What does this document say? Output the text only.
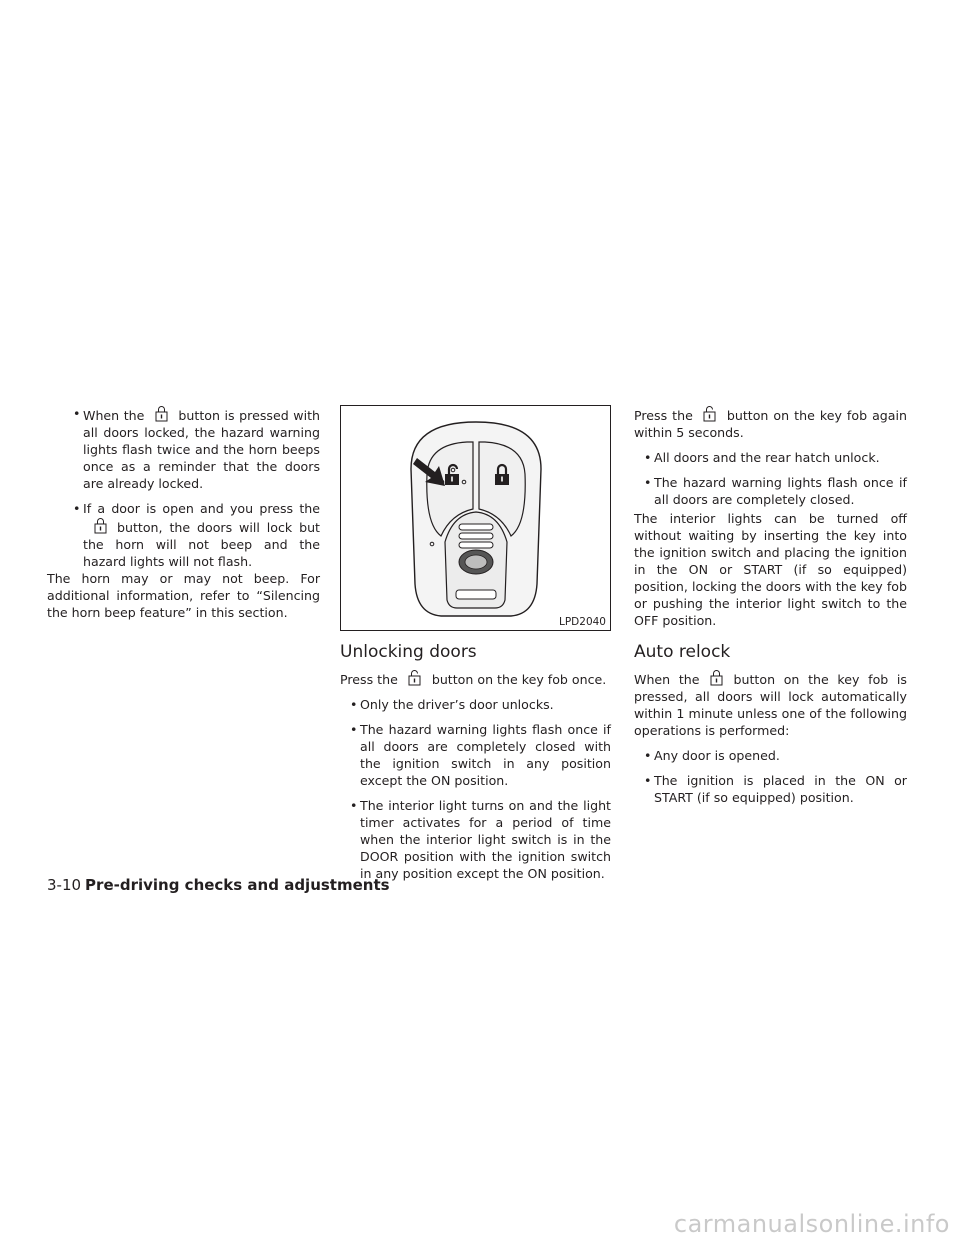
• When the	button is pressed with all doors locked, the hazard warning lights flash twice and the horn beeps once as a reminder that the doors are already locked.
• If a door is open and you press thebutton, the doors will lock but the horn will not beep and the hazard lights will not flash.

The horn may or may not beep. For additional information, refer to “Silencing the horn beep feature” in this section.

LPD2040
Unlocking doors

Press the	button on the key fob once.

• Only the driver’s door unlocks.
• The hazard warning lights flash once if all doors are completely closed with the ignition switch in any position except the ON position.
• The interior light turns on and the light timer activates for a period of time when the interior light switch is in the DOOR position with the ignition switch in any position except the ON position.

Press the	button on the key fob again within 5 seconds.

• All doors and the rear hatch unlock.
• The hazard warning lights flash once if all doors are completely closed.

The interior lights can be turned off without waiting by inserting the key into the ignition switch and placing the ignition in the ON or START (if so equipped) position, locking the doors with the key fob or pushing the interior light switch to the OFF position.

Auto relock

When the	button on the key fob is pressed, all doors will lock automatically within 1 minute unless one of the following operations is performed:

• Any door is opened.
• The ignition is placed in the ON or START (if so equipped) position.
3-10 Pre-driving checks and adjustments
carmanualsonline.info
